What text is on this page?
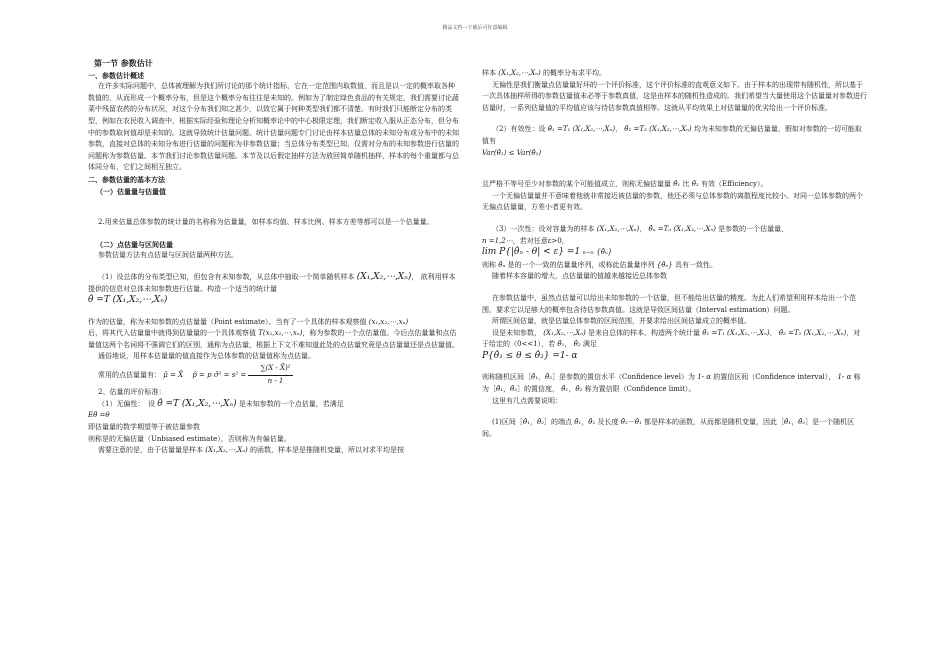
精品文档---下载后可任意编辑

第一节 参数估计

一、参数估计概述

在许多实际问题中，总体被理解为我们所讨论的那个统计指标，它在一定范围内取数值，而且是以一定的概率取各种数值的，从而形成一个概率分布，但是这个概率分布往往是未知的。例如为了制定绿色食品的有关规定，我们需要讨论蔬菜中残留农药的分布状况，对这个分布我们知之甚少，以致它属于何种类型我们都不清楚。有时我们只能断定分布的类型，例如在农民收入调查中，根据实际经验和理论分析知概率论中的中心极限定理，我们断定收入服从正态分布，但分布中的参数取何值却是未知的。这就导致统计估量问题。统计估量问题专门讨论由样本估量总体的未知分布或分布中的未知参数，直接对总体的未知分布进行估量的问题称为非参数估量；当总体分布类型已知，仅需对分布的未知参数进行估量的问题称为参数估量。本节我们讨论参数估量问题。本节及以后假定抽样方法为放回简单随机抽样，样本的每个重量都与总体同分布，它们之间相互独立。

二、参数估量的基本方法

（一）估量量与估量值

2.用来估量总体参数的统计量的名称称为估量量，如样本均值、样本比例、样本方差等都可以是一个估量量。

（二）点估量与区间估量

参数估量方法有点估量与区间估量两种方法。

（1）设总体的分布类型已知，但包含有未知参数，从总体中抽取一个简单随机样本 (X₁,X₂,⋯,Xₙ)， 欲利用样本提供的信息对总体未知参数进行估量。构造一个适当的统计量
θ̂ =T (X₁,X₂,⋯,Xₙ)

作为的估量，称为未知参数的点估量量（Point estimate）。当有了一个具体的样本观察值 (x₁,x₂,⋯,xₙ)
后，将其代入估量量中就得到估量量的一个具体观察值 T(x₁,x₂,⋯,xₙ)，称为参数的一个点估量值。今后点估量量和点估量值这两个名词将不强调它们的区别，通称为点估量，根据上下文不难知道此处的点估量究竟是点估量量还是点估量值。

通俗地说，用样本估量量的值直接作为总体参数的估量值称为点估量。

常用的点估量量有： μ̂ = X̄　 p̂ = p σ̂² = $s^2 = \frac{\text{∑(X - X̄)²}}{n - 1}$

2、估量的评价标准：

（1）无偏性：　设 θ̂ =T (X₁,X₂,⋯,Xₙ) 是未知参数的一个点估量，若满足
Eθ̂ =θ
即估量量的数学期望等于被估量参数

则称是的无偏估量（Unbiased estimate），否则称为有偏估量。

需要注意的是，由于估量量是样本 (X₁,X₂,⋯,Xₙ) 的函数，样本是是推随机变量，所以对求平均是按

样本 (X₁,X₂,⋯,Xₙ) 的概率分布求平均。

无偏性是我们衡量点估量量好坏的一个评价标准，这个评价标准的直观意义如下。由于样本的出现带有随机性，所以基于一次具体抽样所得的参数估量值未必等于参数真值，这是由样本的随机性造成的。我们希望当大量使用这个估量量对参数进行估量时，一系列估量值的平均值应该与待估参数真值相等。这就从平均效果上对估量量的优劣给出一个评价标准。

（2）有效性：设 θ̂₁ =T₁ (X₁,X₂,⋯,Xₙ)， θ̂₂ =T₂ (X₁,X₂,⋯,Xₙ) 均为未知参数的无偏估量量，假如对参数的一切可能取值有
Var(θ̂₁) ≤ Var(θ̂₂)

且严格不等号至少对参数的某个可能值成立，则称无偏估量量 θ̂₁ 比 θ̂₂ 有效（Efficiency）。

一个无偏估量量并不意味着他就非常接近被估量的参数，他还必须与总体参数的离散程度比较小。对同一总体参数的两个无偏点估量量，方差小者更有效。

（3）一次性：设对容量为的样本 (X₁,X₂,⋯,Xₙ)， θ̂ₙ =Tₙ (X₁,X₂,⋯,Xₙ) 是参数的一个估量量，
n =1,2⋯，若对任意ε>0，
lim P{|θ̂ₙ - θ| < ε} =1 n→∞ {θ̂ₙ}

则称 θ̂ₙ 是的一个一致的估量量序列，或称此估量量序列 {θ̂ₙ} 具有一致性。

随着样本容量的增大，点估量量的值越来越接近总体参数

在参数估量中，虽然点估量可以给出未知参数的一个估量，但不能给出估量的精度。为此人们希望利用样本给出一个范围，要求它以足够大的概率包含待估参数真值。这就是导致区间估量（Interval estimation）问题。

所谓区间估量，就是估量总体参数的区间范围，并要求给出区间估量成立的概率值。

设是未知参数， (X₁,X₂,⋯,Xₙ) 是来自总体的样本，构造两个统计量 θ̂₁ =T₁ (X₁,X₂,⋯,Xₙ)， θ̂₂ =T₂ (X₁,X₂,⋯,Xₙ)，对于给定的（0<<1），若 θ̂₁， θ̂₂ 满足
P{θ̂₁ ≤ θ ≤ θ̂₂} =1- α

则称随机区间［θ̂₁，θ̂₂］是参数的置信水平（Confidence level）为 1- α 的置信区间（Confidence interval）， 1- α 称为［θ̂₁，θ̂₂］的置信度， θ̂₁，θ̂₂ 称为置信限（Confidence limit）。

这里有几点需要说明：

(1)区间［θ̂₁，θ̂₂］的端点 θ̂₁，θ̂₂ 及长度 θ̂₂－θ̂₁ 都是样本的函数，从而都是随机变量，因此［θ̂₁，θ̂₂］是一个随机区间。
